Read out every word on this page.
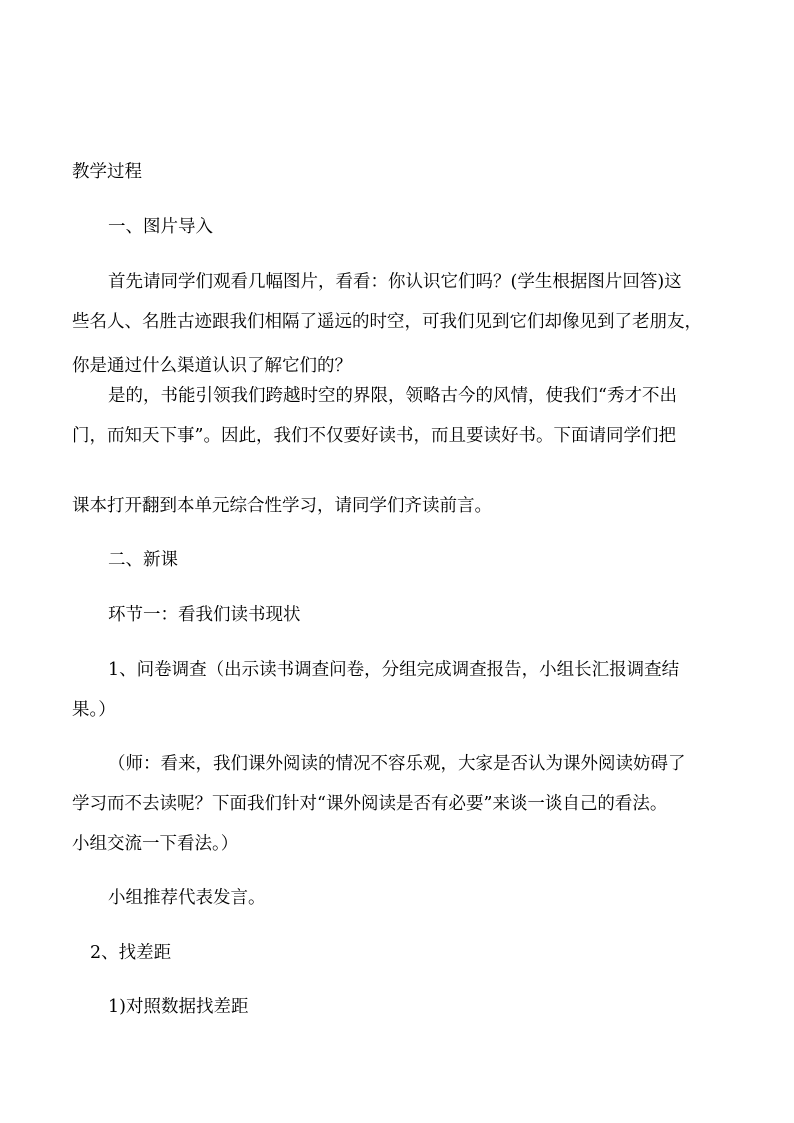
教学过程

一、图片导入

首先请同学们观看几幅图片，看看：你认识它们吗？(学生根据图片回答)这

些名人、名胜古迹跟我们相隔了遥远的时空，可我们见到它们却像见到了老朋友，

你是通过什么渠道认识了解它们的？

是的，书能引领我们跨越时空的界限，领略古今的风情，使我们“秀才不出

门，而知天下事”。因此，我们不仅要好读书，而且要读好书。下面请同学们把

课本打开翻到本单元综合性学习，请同学们齐读前言。

二、新课

环节一：看我们读书现状

1、问卷调查（出示读书调查问卷，分组完成调查报告，小组长汇报调查结

果。）

（师：看来，我们课外阅读的情况不容乐观，大家是否认为课外阅读妨碍了

学习而不去读呢？下面我们针对“课外阅读是否有必要”来谈一谈自己的看法。

小组交流一下看法。）

小组推荐代表发言。

2、找差距

1)对照数据找差距
